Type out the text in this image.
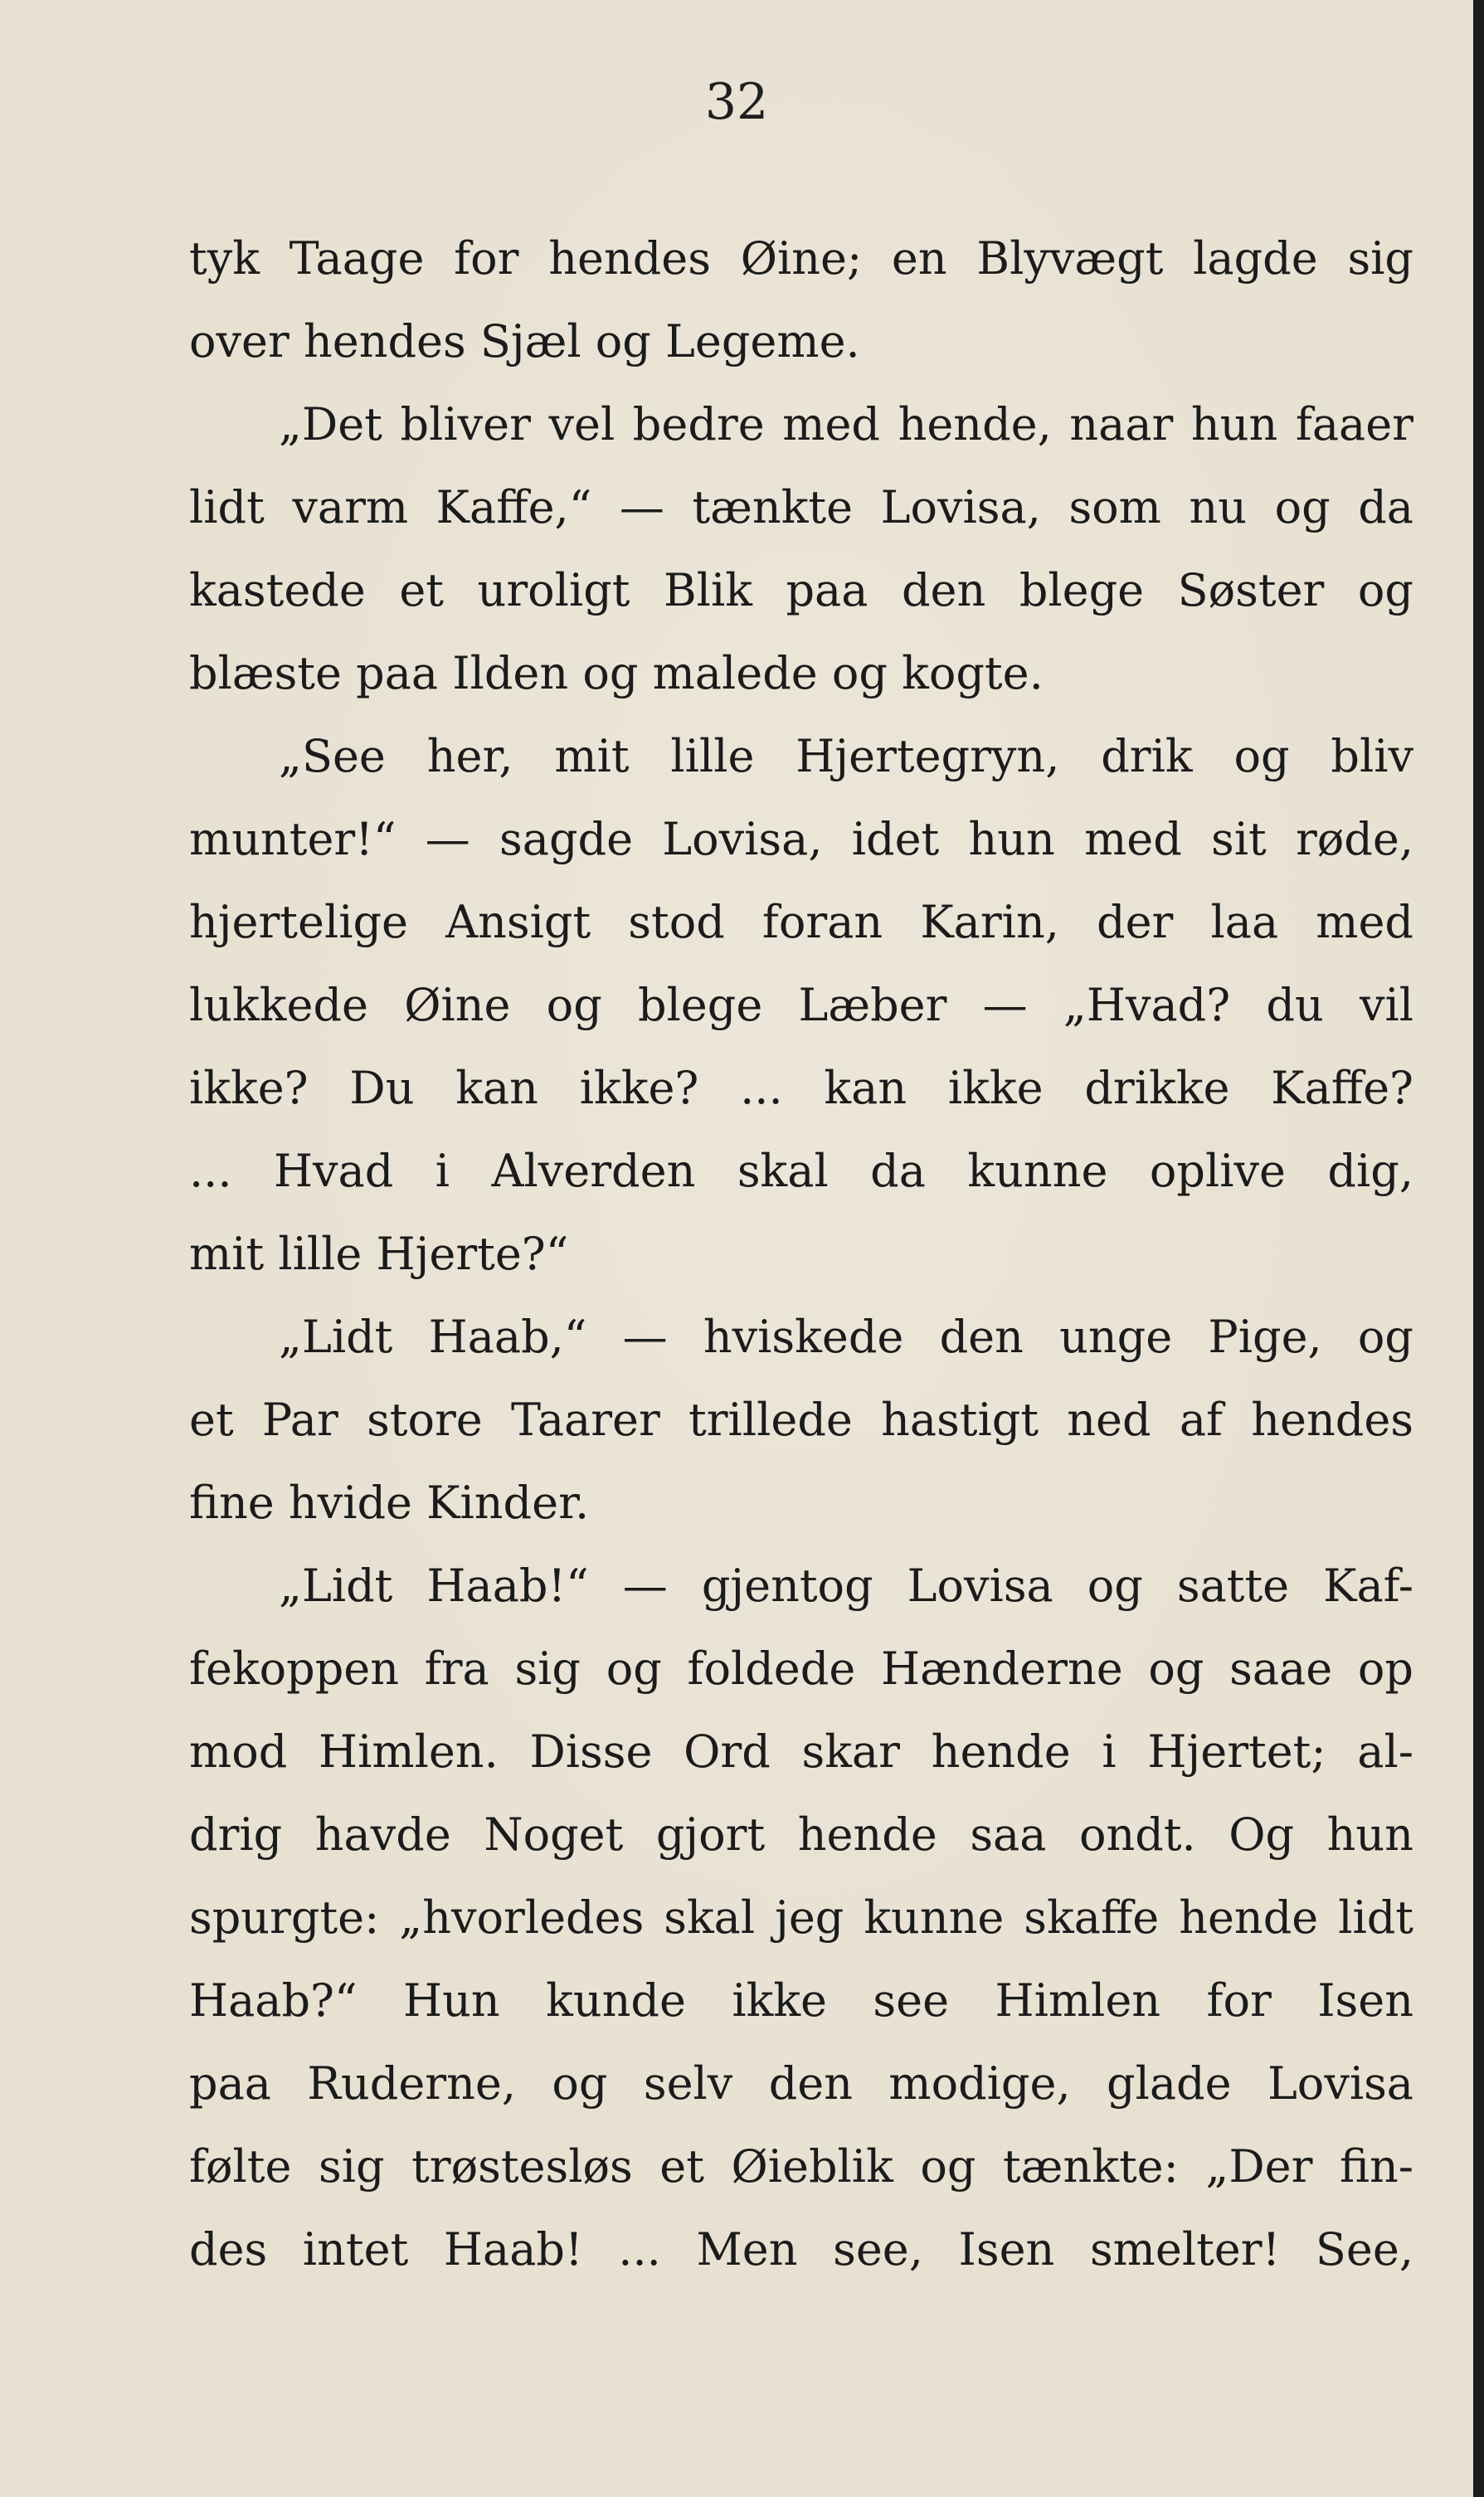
32
tyk Taage for hendes Øine; en Blyvægt lagde sig
over hendes Sjæl og Legeme.
„Det bliver vel bedre med hende, naar hun faaer
lidt varm Kaffe,“ — tænkte Lovisa, som nu og da
kastede et uroligt Blik paa den blege Søster og
blæste paa Ilden og malede og kogte.
„See her, mit lille Hjertegryn, drik og bliv
munter!“ — sagde Lovisa, idet hun med sit røde,
hjertelige Ansigt stod foran Karin, der laa med
lukkede Øine og blege Læber — „Hvad? du vil
ikke? Du kan ikke? ... kan ikke drikke Kaffe?
... Hvad i Alverden skal da kunne oplive dig,
mit lille Hjerte?“
„Lidt Haab,“ — hviskede den unge Pige, og
et Par store Taarer trillede hastigt ned af hendes
fine hvide Kinder.
„Lidt Haab!“ — gjentog Lovisa og satte Kaf-
fekoppen fra sig og foldede Hænderne og saae op
mod Himlen. Disse Ord skar hende i Hjertet; al-
drig havde Noget gjort hende saa ondt. Og hun
spurgte: „hvorledes skal jeg kunne skaffe hende lidt
Haab?“ Hun kunde ikke see Himlen for Isen
paa Ruderne, og selv den modige, glade Lovisa
følte sig trøstesløs et Øieblik og tænkte: „Der fin-
des intet Haab! ... Men see, Isen smelter! See,
